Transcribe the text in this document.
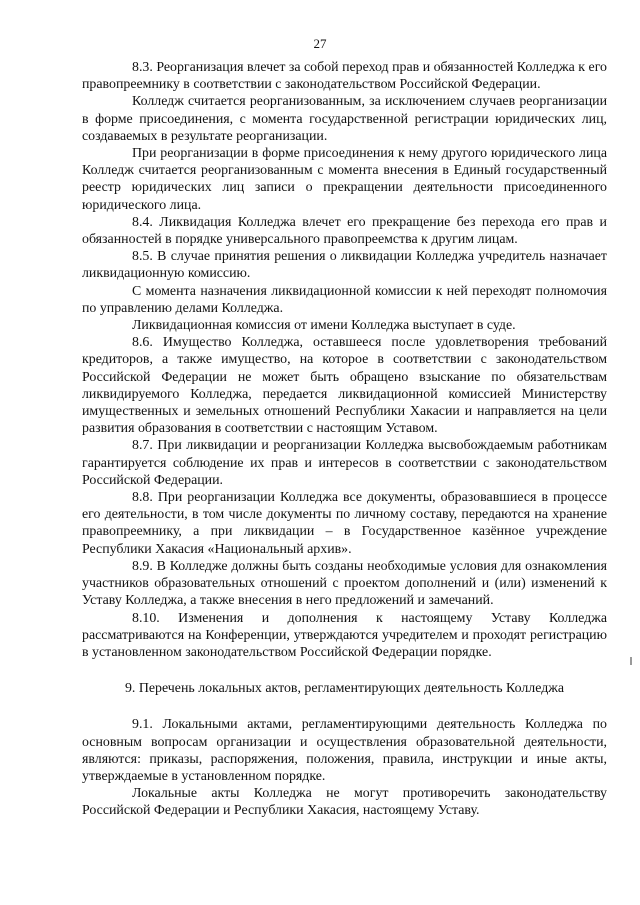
27

8.3. Реорганизация влечет за собой переход прав и обязанностей Колледжа к его правопреемнику в соответствии с законодательством Российской Федерации.

Колледж считается реорганизованным, за исключением случаев реорганизации в форме присоединения, с момента государственной регистрации юридических лиц, создаваемых в результате реорганизации.

При реорганизации в форме присоединения к нему другого юридического лица Колледж считается реорганизованным с момента внесения в Единый государственный реестр юридических лиц записи о прекращении деятельности присоединенного юридического лица.

8.4. Ликвидация Колледжа влечет его прекращение без перехода его прав и обязанностей в порядке универсального правопреемства к другим лицам.

8.5. В случае принятия решения о ликвидации Колледжа учредитель назначает ликвидационную комиссию.

С момента назначения ликвидационной комиссии к ней переходят полномочия по управлению делами Колледжа.

Ликвидационная комиссия от имени Колледжа выступает в суде.

8.6. Имущество Колледжа, оставшееся после удовлетворения требований кредиторов, а также имущество, на которое в соответствии с законодательством Российской Федерации не может быть обращено взыскание по обязательствам ликвидируемого Колледжа, передается ликвидационной комиссией Министерству имущественных и земельных отношений Республики Хакасии и направляется на цели развития образования в соответствии с настоящим Уставом.

8.7. При ликвидации и реорганизации Колледжа высвобождаемым работникам гарантируется соблюдение их прав и интересов в соответствии с законодательством Российской Федерации.

8.8. При реорганизации Колледжа все документы, образовавшиеся в процессе его деятельности, в том числе документы по личному составу, передаются на хранение правопреемнику, а при ликвидации – в Государственное казённое учреждение Республики Хакасия «Национальный архив».

8.9. В Колледже должны быть созданы необходимые условия для ознакомления участников образовательных отношений с проектом дополнений и (или) изменений к Уставу Колледжа, а также внесения в него предложений и замечаний.

8.10. Изменения и дополнения к настоящему Уставу Колледжа рассматриваются на Конференции, утверждаются учредителем и проходят регистрацию в установленном законодательством Российской Федерации порядке.

9. Перечень локальных актов, регламентирующих деятельность Колледжа

9.1. Локальными актами, регламентирующими деятельность Колледжа по основным вопросам организации и осуществления образовательной деятельности, являются: приказы, распоряжения, положения, правила, инструкции и иные акты, утверждаемые в установленном порядке.

Локальные акты Колледжа не могут противоречить законодательству Российской Федерации и Республики Хакасия, настоящему Уставу.
